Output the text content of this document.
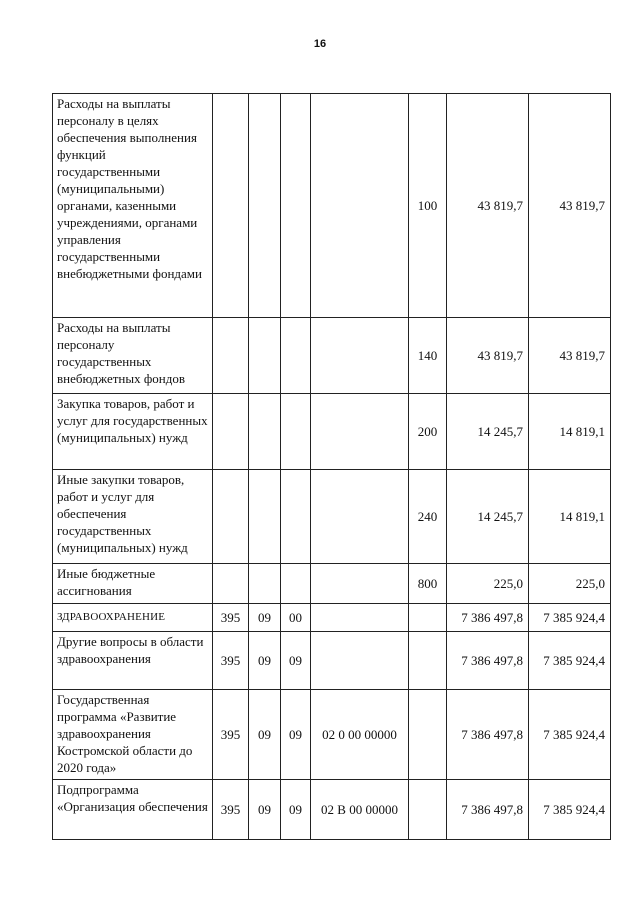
16
Расходы на выплаты персоналу в целях обеспечения выполнения функций государственными (муниципальными) органами, казенными учреждениями, органами управления государственными внебюджетными фондами					100	43 819,7	43 819,7
Расходы на выплаты персоналу государственных внебюджетных фондов					140	43 819,7	43 819,7
Закупка товаров, работ и услуг для государственных (муниципальных) нужд					200	14 245,7	14 819,1
Иные закупки товаров, работ и услуг для обеспечения государственных (муниципальных) нужд					240	14 245,7	14 819,1
Иные бюджетные ассигнования					800	225,0	225,0
ЗДРАВООХРАНЕНИЕ	395	09	00			7 386 497,8	7 385 924,4
Другие вопросы в области здравоохранения	395	09	09			7 386 497,8	7 385 924,4
Государственная программа «Развитие здравоохранения Костромской области до 2020 года»	395	09	09	02 0 00 00000		7 386 497,8	7 385 924,4
Подпрограмма «Организация обеспечения	395	09	09	02 В 00 00000		7 386 497,8	7 385 924,4
